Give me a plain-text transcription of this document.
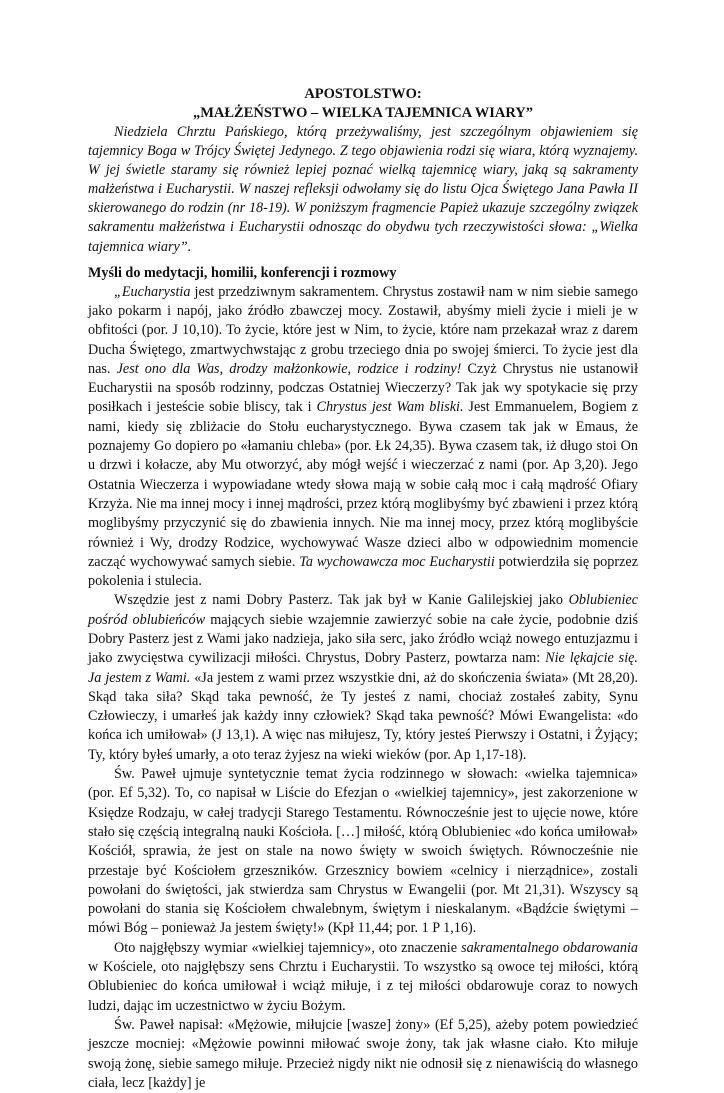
APOSTOLSTWO:

„MAŁŻEŃSTWO – WIELKA TAJEMNICA WIARY”

Niedziela Chrztu Pańskiego, którą przeżywaliśmy, jest szczególnym objawieniem się tajemnicy Boga w Trójcy Świętej Jedynego. Z tego objawienia rodzi się wiara, którą wyznajemy. W jej świetle staramy się również lepiej poznać wielką tajemnicę wiary, jaką są sakramenty małżeństwa i Eucharystii. W naszej refleksji odwołamy się do listu Ojca Świętego Jana Pawła II skierowanego do rodzin (nr 18-19). W poniższym fragmencie Papież ukazuje szczególny związek sakramentu małżeństwa i Eucharystii odnosząc do obydwu tych rzeczywistości słowa: „Wielka tajemnica wiary”.

Myśli do medytacji, homilii, konferencji i rozmowy

„Eucharystia jest przedziwnym sakramentem. Chrystus zostawił nam w nim siebie samego jako pokarm i napój, jako źródło zbawczej mocy. Zostawił, abyśmy mieli życie i mieli je w obfitości (por. J 10,10). To życie, które jest w Nim, to życie, które nam przekazał wraz z darem Ducha Świętego, zmartwychwstając z grobu trzeciego dnia po swojej śmierci. To życie jest dla nas. Jest ono dla Was, drodzy małżonkowie, rodzice i rodziny! Czyż Chrystus nie ustanowił Eucharystii na sposób rodzinny, podczas Ostatniej Wieczerzy? Tak jak wy spotykacie się przy posiłkach i jesteście sobie bliscy, tak i Chrystus jest Wam bliski. Jest Emmanuelem, Bogiem z nami, kiedy się zbliżacie do Stołu eucharystycznego. Bywa czasem tak jak w Emaus, że poznajemy Go dopiero po «łamaniu chleba» (por. Łk 24,35). Bywa czasem tak, iż długo stoi On u drzwi i kołacze, aby Mu otworzyć, aby mógł wejść i wieczerzać z nami (por. Ap 3,20). Jego Ostatnia Wieczerza i wypowiadane wtedy słowa mają w sobie całą moc i całą mądrość Ofiary Krzyża. Nie ma innej mocy i innej mądrości, przez którą moglibyśmy być zbawieni i przez którą moglibyśmy przyczynić się do zbawienia innych. Nie ma innej mocy, przez którą moglibyście również i Wy, drodzy Rodzice, wychowywać Wasze dzieci albo w odpowiednim momencie zacząć wychowywać samych siebie. Ta wychowawcza moc Eucharystii potwierdziła się poprzez pokolenia i stulecia.

Wszędzie jest z nami Dobry Pasterz. Tak jak był w Kanie Galilejskiej jako Oblubieniec pośród oblubieńców mających siebie wzajemnie zawierzyć sobie na całe życie, podobnie dziś Dobry Pasterz jest z Wami jako nadzieja, jako siła serc, jako źródło wciąż nowego entuzjazmu i jako zwycięstwa cywilizacji miłości. Chrystus, Dobry Pasterz, powtarza nam: Nie lękajcie się. Ja jestem z Wami. «Ja jestem z wami przez wszystkie dni, aż do skończenia świata» (Mt 28,20). Skąd taka siła? Skąd taka pewność, że Ty jesteś z nami, chociaż zostałeś zabity, Synu Człowieczy, i umarłeś jak każdy inny człowiek? Skąd taka pewność? Mówi Ewangelista: «do końca ich umiłował» (J 13,1). A więc nas miłujesz, Ty, który jesteś Pierwszy i Ostatni, i Żyjący; Ty, który byłeś umarły, a oto teraz żyjesz na wieki wieków (por. Ap 1,17-18).

Św. Paweł ujmuje syntetycznie temat życia rodzinnego w słowach: «wielka tajemnica» (por. Ef 5,32). To, co napisał w Liście do Efezjan o «wielkiej tajemnicy», jest zakorzenione w Księdze Rodzaju, w całej tradycji Starego Testamentu. Równocześnie jest to ujęcie nowe, które stało się częścią integralną nauki Kościoła. […] miłość, którą Oblubieniec «do końca umiłował» Kościół, sprawia, że jest on stale na nowo święty w swoich świętych. Równocześnie nie przestaje być Kościołem grzeszników. Grzesznicy bowiem «celnicy i nierządnice», zostali powołani do świętości, jak stwierdza sam Chrystus w Ewangelii (por. Mt 21,31). Wszyscy są powołani do stania się Kościołem chwalebnym, świętym i nieskalanym. «Bądźcie świętymi – mówi Bóg – ponieważ Ja jestem święty!» (Kpł 11,44; por. 1 P 1,16).

Oto najgłębszy wymiar «wielkiej tajemnicy», oto znaczenie sakramentalnego obdarowania w Kościele, oto najgłębszy sens Chrztu i Eucharystii. To wszystko są owoce tej miłości, którą Oblubieniec do końca umiłował i wciąż miłuje, i z tej miłości obdarowuje coraz to nowych ludzi, dając im uczestnictwo w życiu Bożym.

Św. Paweł napisał: «Mężowie, miłujcie [wasze] żony» (Ef 5,25), ażeby potem powiedzieć jeszcze mocniej: «Mężowie powinni miłować swoje żony, tak jak własne ciało. Kto miłuje swoją żonę, siebie samego miłuje. Przecież nigdy nikt nie odnosił się z nienawiścią do własnego ciała, lecz [każdy] je
